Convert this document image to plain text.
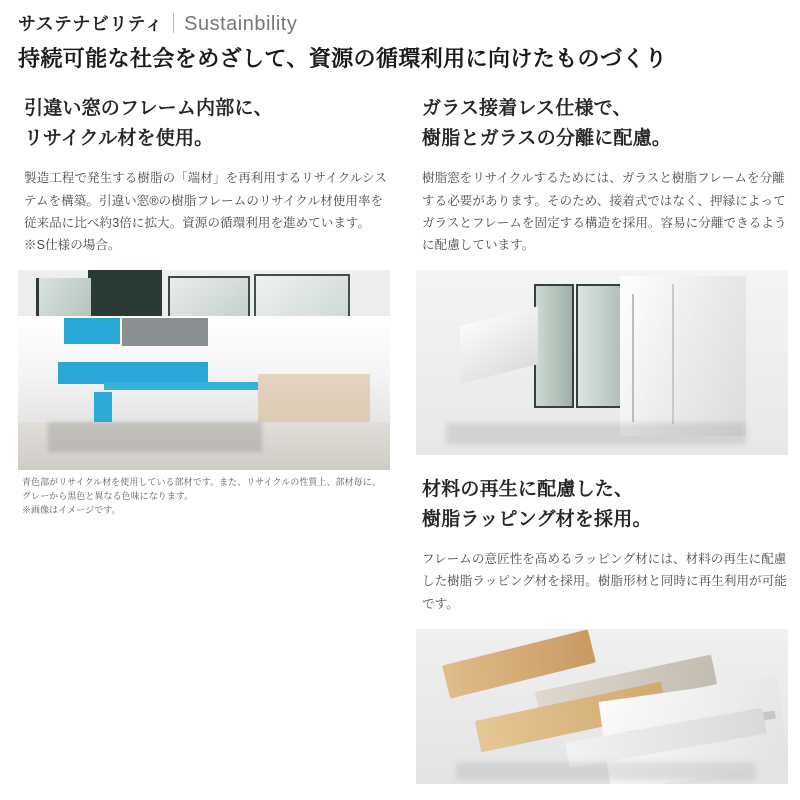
サステナビリティ Sustainbility
持続可能な社会をめざして、資源の循環利用に向けたものづくり
引違い窓のフレーム内部に、
リサイクル材を使用。

製造工程で発生する樹脂の「端材」を再利用するリサイクルシステムを構築。引違い窓®の樹脂フレームのリサイクル材使用率を従来品に比べ約3倍に拡大。資源の循環利用を進めています。 ※S仕様の場合。

青色部がリサイクル材を使用している部材です。また、リサイクルの性質上、部材毎に、
グレーから黒色と異なる色味になります。
※画像はイメージです。
ガラス接着レス仕様で、
樹脂とガラスの分離に配慮。

樹脂窓をリサイクルするためには、ガラスと樹脂フレームを分離する必要があります。そのため、接着式ではなく、押縁によってガラスとフレームを固定する構造を採用。容易に分離できるように配慮しています。

材料の再生に配慮した、
樹脂ラッピング材を採用。

フレームの意匠性を高めるラッピング材には、材料の再生に配慮した樹脂ラッピング材を採用。樹脂形材と同時に再生利用が可能です。
